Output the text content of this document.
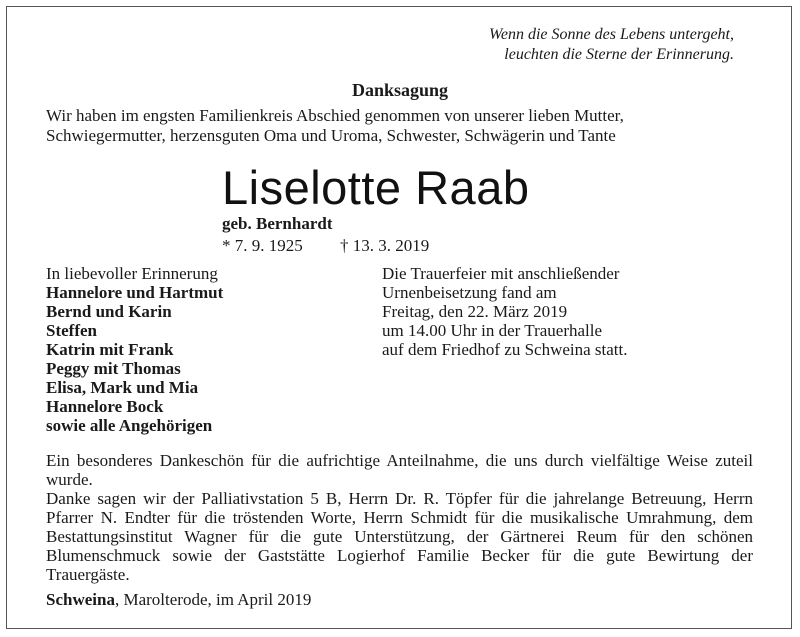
Wenn die Sonne des Lebens untergeht,
leuchten die Sterne der Erinnerung.
Danksagung
Wir haben im engsten Familienkreis Abschied genommen von unserer lieben Mutter,
Schwiegermutter, herzensguten Oma und Uroma, Schwester, Schwägerin und Tante
Liselotte Raab
geb. Bernhardt
* 7. 9. 1925 † 13. 3. 2019
In liebevoller Erinnerung
Hannelore und Hartmut
Bernd und Karin
Steffen
Katrin mit Frank
Peggy mit Thomas
Elisa, Mark und Mia
Hannelore Bock
sowie alle Angehörigen
Die Trauerfeier mit anschließender
Urnenbeisetzung fand am
Freitag, den 22. März 2019
um 14.00 Uhr in der Trauerhalle
auf dem Friedhof zu Schweina statt.

Ein besonderes Dankeschön für die aufrichtige Anteilnahme, die uns durch vielfältige Weise zuteil wurde.

Danke sagen wir der Palliativstation 5 B, Herrn Dr. R. Töpfer für die jahrelange Betreuung, Herrn Pfarrer N. Endter für die tröstenden Worte, Herrn Schmidt für die musikalische Umrahmung, dem Bestattungsinstitut Wagner für die gute Unterstützung, der Gärtnerei Reum für den schönen Blumenschmuck sowie der Gaststätte Logierhof Familie Becker für die gute Bewirtung der Trauergäste.

Schweina, Marolterode, im April 2019
